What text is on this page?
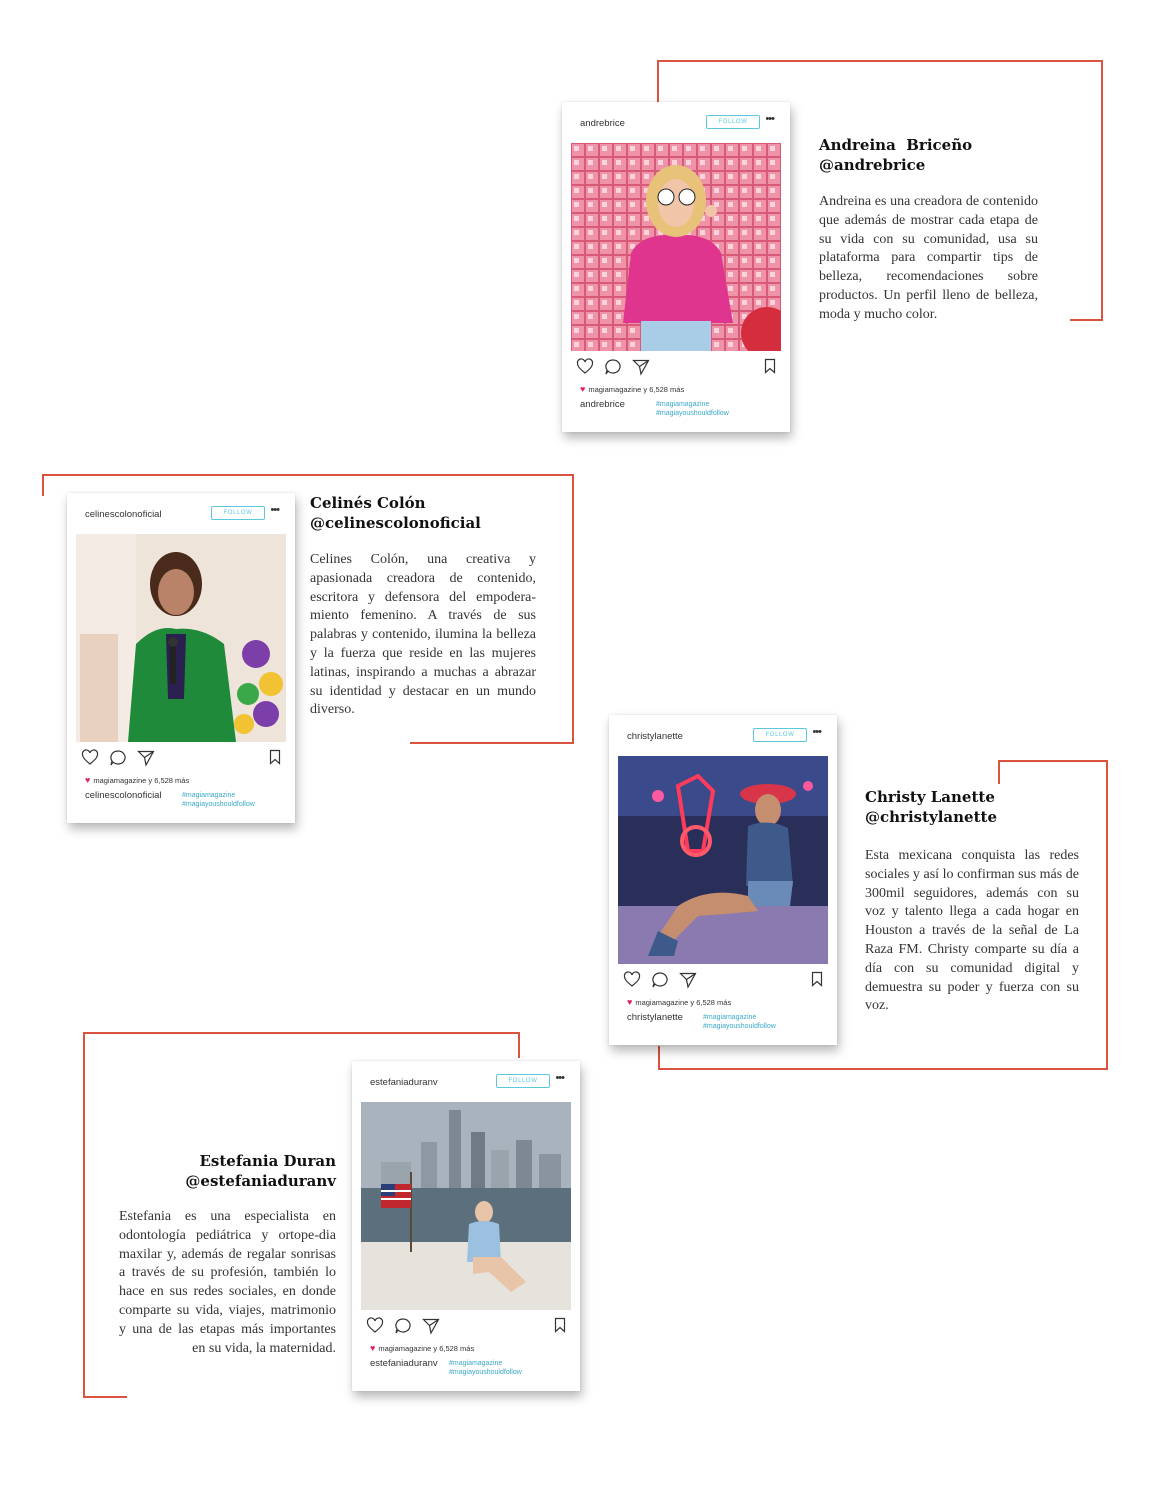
andrebrice	FOLLOW	•••
♥ magiamagazine y 6,528 más
andrebrice	#magiamagazine
#magiayoushouldfollow
Andreina  Briceño
@andrebrice
Andreina es una creadora de contenido que además de mostrar cada etapa de su vida con su comunidad, usa su plataforma para compartir tips de belleza, recomendaciones sobre productos. Un perfil lleno de belleza, moda y mucho color.
celinescolonoficial	FOLLOW	•••
♥ magiamagazine y 6,528 más
celinescolonoficial	#magiamagazine
#magiayoushouldfollow
Celinés Colón
@celinescolonoficial
Celines Colón, una creativa y apasionada creadora de contenido, escritora y defensora del empodera-miento femenino. A través de sus palabras y contenido, ilumina la belleza y la fuerza que reside en las mujeres latinas, inspirando a muchas a abrazar su identidad y destacar en un mundo diverso.
christylanette	FOLLOW	•••
♥ magiamagazine y 6,528 más
christylanette	#magiamagazine
#magiayoushouldfollow
Christy Lanette
@christylanette
Esta mexicana conquista las redes sociales y así lo confirman sus más de 300mil seguidores, además con su voz y talento llega a cada hogar en Houston a través de la señal de La Raza FM. Christy comparte su día a día con su comunidad digital y demuestra su poder y fuerza con su voz.
estefaniaduranv	FOLLOW	•••
♥ magiamagazine y 6,528 más
estefaniaduranv #magiamagazine
#magiayoushouldfollow
Estefania Duran
@estefaniaduranv
Estefania es una especialista en odontología pediátrica y ortope-dia maxilar y, además de regalar sonrisas a través de su profesión, también lo hace en sus redes sociales, en donde comparte su vida, viajes, matrimonio y una de las etapas más importantes en su vida, la maternidad.
